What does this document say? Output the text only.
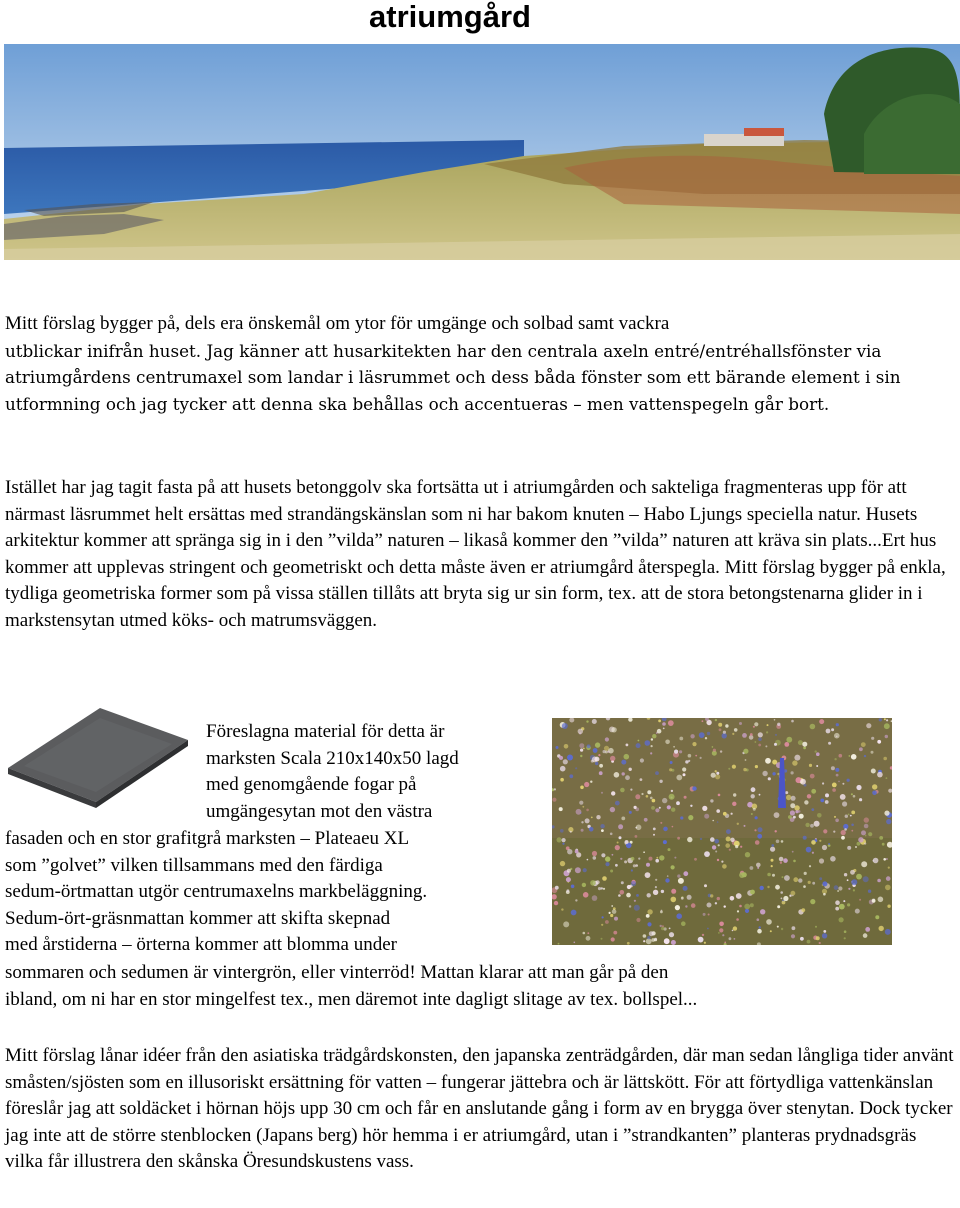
atriumgård
Mitt förslag bygger på, dels era önskemål om ytor för umgänge och solbad samt vackra
utblickar inifrån huset. Jag känner att husarkitekten har den centrala axeln entré/entréhallsfönster via atriumgårdens centrumaxel som landar i läsrummet och dess båda fönster som ett bärande element i sin utformning och jag tycker att denna ska behållas och accentueras – men vattenspegeln går bort.
Istället har jag tagit fasta på att husets betonggolv ska fortsätta ut i atriumgården och sakteliga fragmenteras upp för att närmast läsrummet helt ersättas med strandängskänslan som ni har bakom knuten – Habo Ljungs speciella natur. Husets arkitektur kommer att spränga sig in i den ”vilda” naturen – likaså kommer den ”vilda” naturen att kräva sin plats...Ert hus kommer att upplevas stringent och geometriskt och detta måste även er atriumgård återspegla. Mitt förslag bygger på enkla, tydliga geometriska former som på vissa ställen tillåts att bryta sig ur sin form, tex. att de stora betongstenarna glider in i markstensytan utmed köks- och matrumsväggen.
Föreslagna material för detta är
marksten Scala 210x140x50 lagd
med genomgående fogar på
umgängesytan mot den västra
fasaden och en stor grafitgrå marksten – Plateaeu XL
som ”golvet” vilken tillsammans med den färdiga
sedum-örtmattan utgör centrumaxelns markbeläggning.
Sedum-ört-gräsnmattan kommer att skifta skepnad
med årstiderna – örterna kommer att blomma under
sommaren och sedumen är vintergrön, eller vinterröd! Mattan klarar att man går på den
ibland, om ni har en stor mingelfest tex., men däremot inte dagligt slitage av tex. bollspel...
Mitt förslag lånar idéer från den asiatiska trädgårdskonsten, den japanska zenträdgården, där man sedan långliga tider använt småsten/sjösten som en illusoriskt ersättning för vatten – fungerar jättebra och är lättskött. För att förtydliga vattenkänslan föreslår jag att soldäcket i hörnan höjs upp 30 cm och får en anslutande gång i form av en brygga över stenytan. Dock tycker jag inte att de större stenblocken (Japans berg) hör hemma i er atriumgård, utan i ”strandkanten” planteras prydnadsgräs vilka får illustrera den skånska Öresundskustens vass.
